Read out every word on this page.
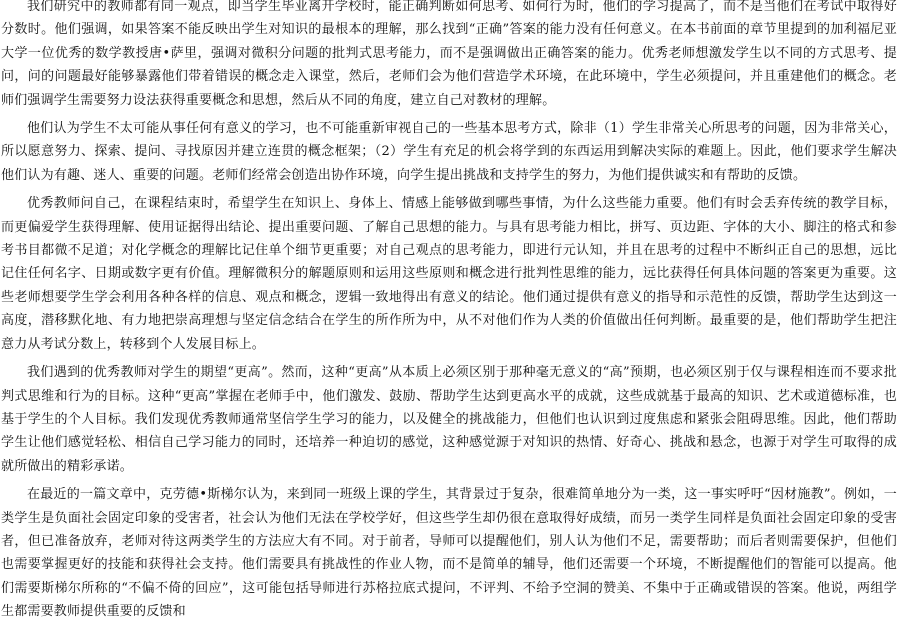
我们研究中的教师都有同一观点，即当学生毕业离开学校时，能正确判断如何思考、如何行为时，他们的学习提高了，而不是当他们在考试中取得好分数时。他们强调，如果答案不能反映出学生对知识的最根本的理解，那么找到“正确”答案的能力没有任何意义。在本书前面的章节里提到的加利福尼亚大学一位优秀的数学教授唐•萨里，强调对微积分问题的批判式思考能力，而不是强调做出正确答案的能力。优秀老师想激发学生以不同的方式思考、提问，问的问题最好能够暴露他们带着错误的概念走入课堂，然后，老师们会为他们营造学术环境，在此环境中，学生必须提问，并且重建他们的概念。老师们强调学生需要努力设法获得重要概念和思想，然后从不同的角度，建立自己对教材的理解。

他们认为学生不太可能从事任何有意义的学习，也不可能重新审视自己的一些基本思考方式，除非（1）学生非常关心所思考的问题，因为非常关心，所以愿意努力、探索、提问、寻找原因并建立连贯的概念框架；（2）学生有充足的机会将学到的东西运用到解决实际的难题上。因此，他们要求学生解决他们认为有趣、迷人、重要的问题。老师们经常会创造出协作环境，向学生提出挑战和支持学生的努力，为他们提供诚实和有帮助的反馈。

优秀教师问自己，在课程结束时，希望学生在知识上、身体上、情感上能够做到哪些事情，为什么这些能力重要。他们有时会丢弃传统的教学目标，而更偏爱学生获得理解、使用证据得出结论、提出重要问题、了解自己思想的能力。与具有思考能力相比，拼写、页边距、字体的大小、脚注的格式和参考书目都微不足道；对化学概念的理解比记住单个细节更重要；对自己观点的思考能力，即进行元认知，并且在思考的过程中不断纠正自己的思想，远比记住任何名字、日期或数字更有价值。理解微积分的解题原则和运用这些原则和概念进行批判性思维的能力，远比获得任何具体问题的答案更为重要。这些老师想要学生学会利用各种各样的信息、观点和概念，逻辑一致地得出有意义的结论。他们通过提供有意义的指导和示范性的反馈，帮助学生达到这一高度，潜移默化地、有力地把崇高理想与坚定信念结合在学生的所作所为中，从不对他们作为人类的价值做出任何判断。最重要的是，他们帮助学生把注意力从考试分数上，转移到个人发展目标上。

我们遇到的优秀教师对学生的期望“更高”。然而，这种“更高”从本质上必须区别于那种毫无意义的“高”预期，也必须区别于仅与课程相连而不要求批判式思维和行为的目标。这种“更高”掌握在老师手中，他们激发、鼓励、帮助学生达到更高水平的成就，这些成就基于最高的知识、艺术或道德标准，也基于学生的个人目标。我们发现优秀教师通常坚信学生学习的能力，以及健全的挑战能力，但他们也认识到过度焦虑和紧张会阻碍思维。因此，他们帮助学生让他们感觉轻松、相信自己学习能力的同时，还培养一种迫切的感觉，这种感觉源于对知识的热情、好奇心、挑战和悬念，也源于对学生可取得的成就所做出的精彩承诺。

在最近的一篇文章中，克劳德•斯梯尔认为，来到同一班级上课的学生，其背景过于复杂，很难简单地分为一类，这一事实呼吁“因材施教”。例如，一类学生是负面社会固定印象的受害者，社会认为他们无法在学校学好，但这些学生却仍很在意取得好成绩，而另一类学生同样是负面社会固定印象的受害者，但已准备放弃，老师对待这两类学生的方法应大有不同。对于前者，导师可以提醒他们，别人认为他们不足，需要帮助；而后者则需要保护，但他们也需要掌握更好的技能和获得社会支持。他们需要具有挑战性的作业人物，而不是简单的辅导，他们还需要一个环境，不断提醒他们的智能可以提高。他们需要斯梯尔所称的“不偏不倚的回应”，这可能包括导师进行苏格拉底式提问，不评判、不给予空洞的赞美、不集中于正确或错误的答案。他说，两组学生都需要教师提供重要的反馈和
